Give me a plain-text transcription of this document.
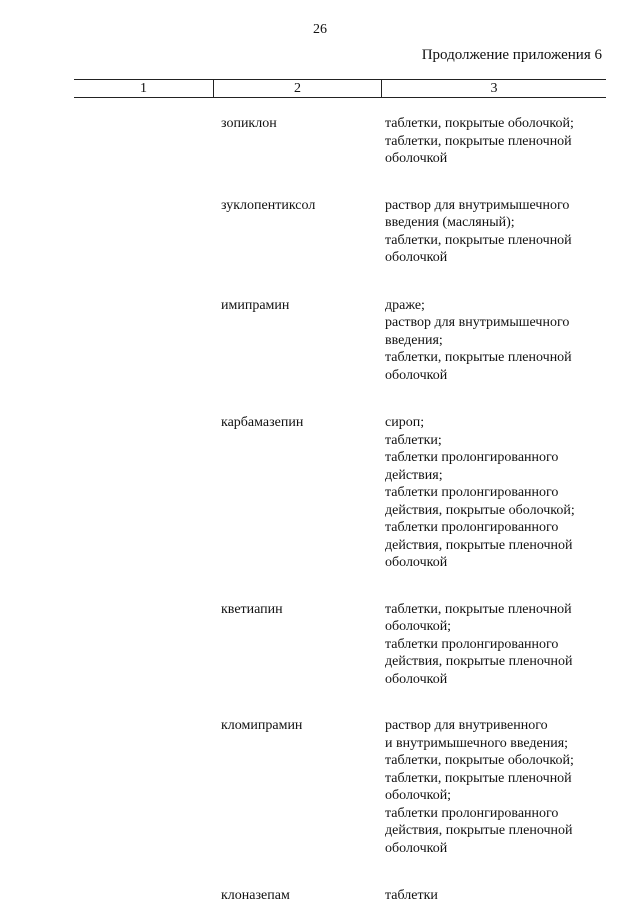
26
Продолжение приложения 6
1	2	3
зопиклон	таблетки, покрытые оболочкой;
таблетки, покрытые пленочной
оболочкой
зуклопентиксол	раствор для внутримышечного
введения (масляный);
таблетки, покрытые пленочной
оболочкой
имипрамин	драже;
раствор для внутримышечного
введения;
таблетки, покрытые пленочной
оболочкой
карбамазепин	сироп;
таблетки;
таблетки пролонгированного
действия;
таблетки пролонгированного
действия, покрытые оболочкой;
таблетки пролонгированного
действия, покрытые пленочной
оболочкой
кветиапин	таблетки, покрытые пленочной
оболочкой;
таблетки пролонгированного
действия, покрытые пленочной
оболочкой
кломипрамин	раствор для внутривенного
и внутримышечного введения;
таблетки, покрытые оболочкой;
таблетки, покрытые пленочной
оболочкой;
таблетки пролонгированного
действия, покрытые пленочной
оболочкой
клоназепам	таблетки
